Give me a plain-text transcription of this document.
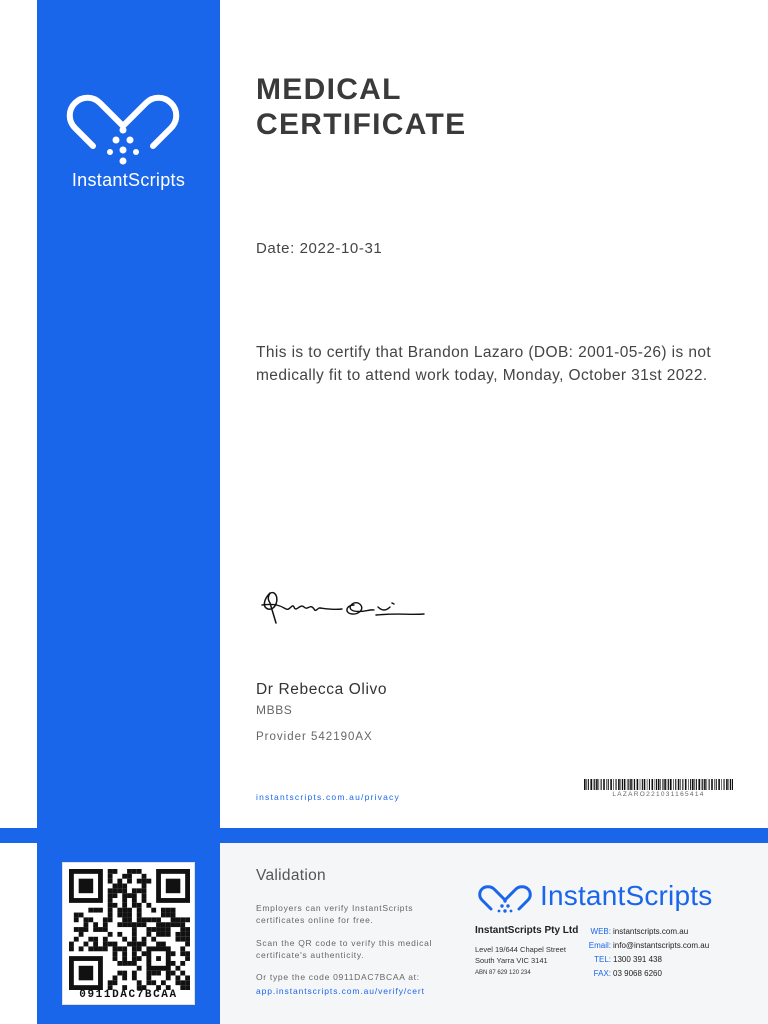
InstantScripts
MEDICAL
CERTIFICATE
Date: 2022-10-31
This is to certify that Brandon Lazaro (DOB: 2001-05-26) is not medically fit to attend work today, Monday, October 31st 2022.
Dr Rebecca Olivo
MBBS
Provider 542190AX
instantscripts.com.au/privacy	LAZARO221031165414
0911DAC7BCAA
Validation
Employers can verify InstantScripts certificates online for free.
Scan the QR code to verify this medical certificate's authenticity.
Or type the code 0911DAC7BCAA at:
app.instantscripts.com.au/verify/cert
InstantScripts
InstantScripts Pty Ltd
Level 19/644 Chapel Street
South Yarra VIC 3141
ABN 87 629 120 234
WEB: instantscripts.com.au
Email: info@instantscripts.com.au
TEL: 1300 391 438
FAX: 03 9068 6260
